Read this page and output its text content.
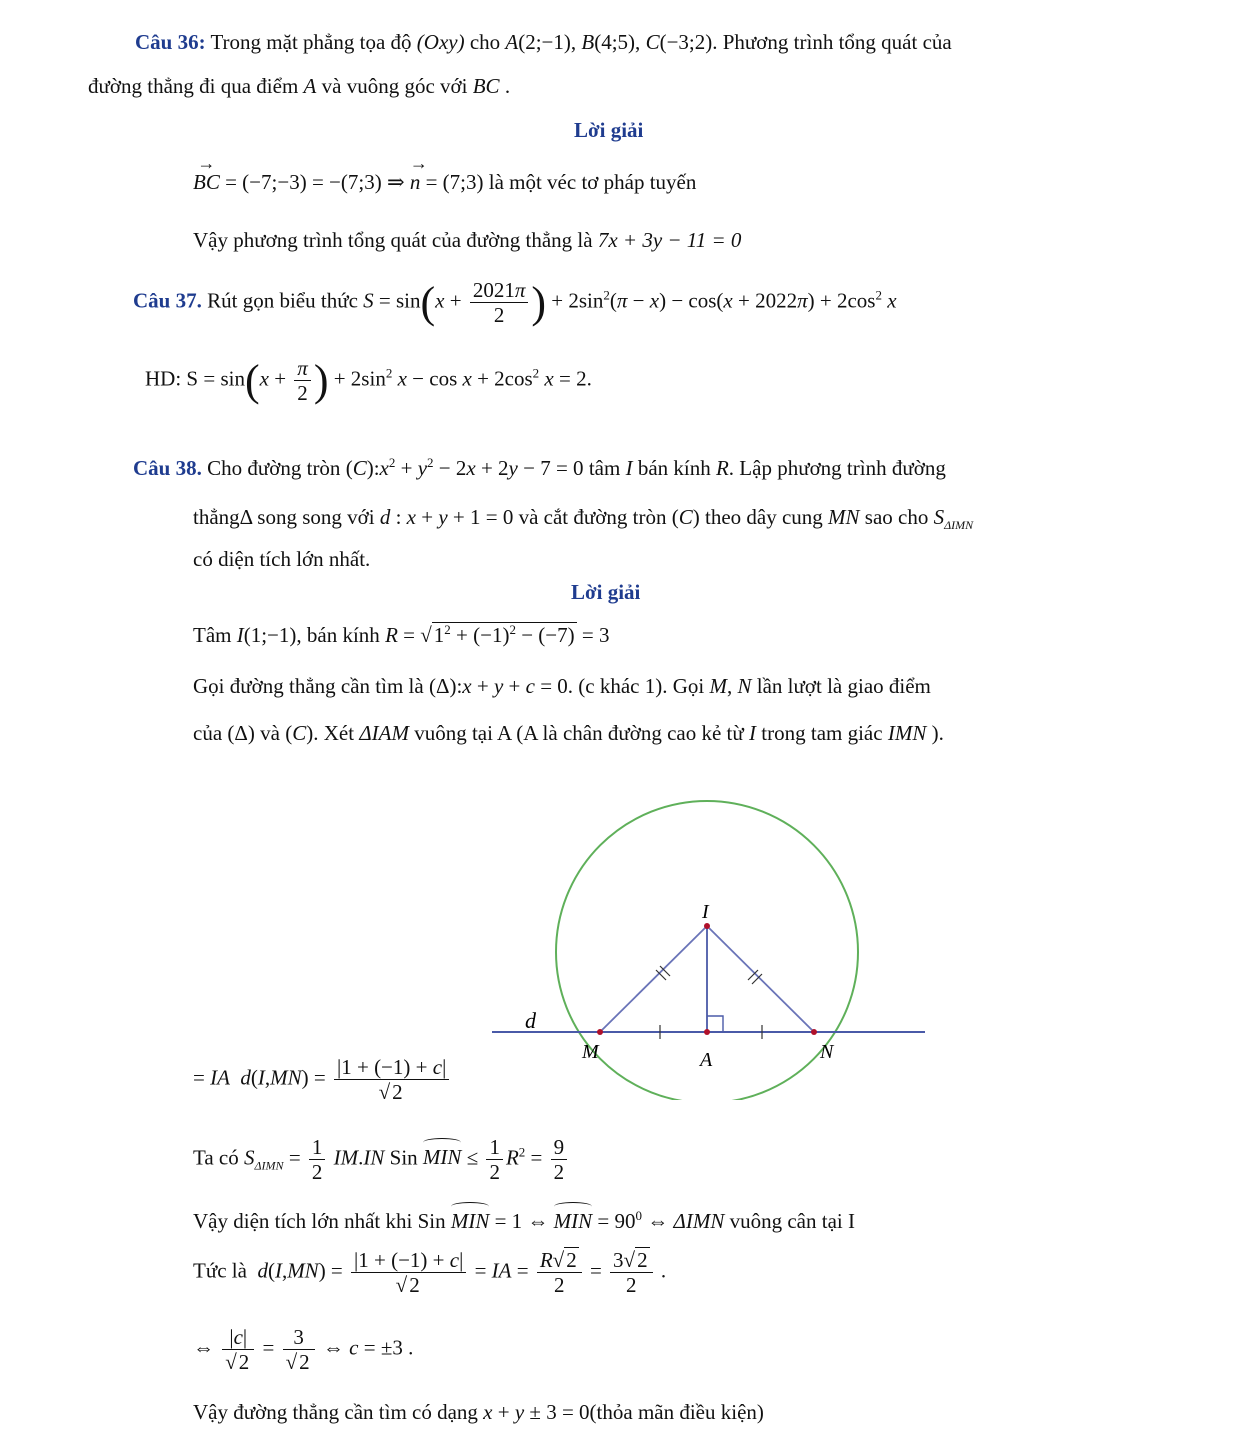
Câu 36: Trong mặt phẳng tọa độ (Oxy) cho A(2;−1), B(4;5), C(−3;2). Phương trình tổng quát của
đường thẳng đi qua điểm A và vuông góc với BC .
Lời giải
→ BC = (−7;−3) = −(7;3) ⇒ → n = (7;3) là một véc tơ pháp tuyến
Vậy phương trình tổng quát của đường thẳng là 7x + 3y − 11 = 0
Câu 37. Rút gọn biểu thức $S = \sin(x + \frac{2021\pi}{2}$ ) + $2\sin^2(\pi - x) - \cos(x + 2022\pi) + 2\cos^2$ x
HD: $S = \sin(x + \frac{\pi}{2}$ ) + $2\sin^2$ $x - \cos x + 2\cos^2$ x = 2.
Câu 38. Cho đường tròn $(C):x^2 + y^2 - 2x + 2y - 7 = 0$ tâm I bán kính R. Lập phương trình đường
thẳngΔ song song với d : x + y + 1 = 0 và cắt đường tròn (C) theo dây cung MN sao cho $S_{\Delta IMN}$
có diện tích lớn nhất.
Lời giải
Tâm I(1;−1), bán kính $R = √1^2 + (-1)^2 - (-7) = 3$
Gọi đường thẳng cần tìm là (Δ):x + y + c = 0. (c khác 1). Gọi M, N lần lượt là giao điểm
của (Δ) và (C). Xét ΔIAM vuông tại A (A là chân đường cao kẻ từ I trong tam giác IMN ).
I
M	N
A
d
= IA $d(I,MN) = \frac{|1 + (-1) + c|}{√2}$
Ta có $S_{\Delta IMN} = \frac{1}{2} IM.IN$ Sin MIN ≤ $\frac{1}{2} R^2 = \frac{9}{2}$
Vậy diện tích lớn nhất khi Sin MIN = 1 ⇔ MIN = $90^0$ ⇔ ΔIMN vuông cân tại I
Tức là $d(I,MN) = \frac{|1 + (-1) + c|}{√2}$ = IA = $\frac{R√2}{2} = \frac{3√2}{2}$ .
⇔ $\frac{|c|}{√2} = \frac{3}{√2}$ ⇔ c = ±3 .
Vậy đường thẳng cần tìm có dạng x + y ± 3 = 0(thỏa mãn điều kiện)
